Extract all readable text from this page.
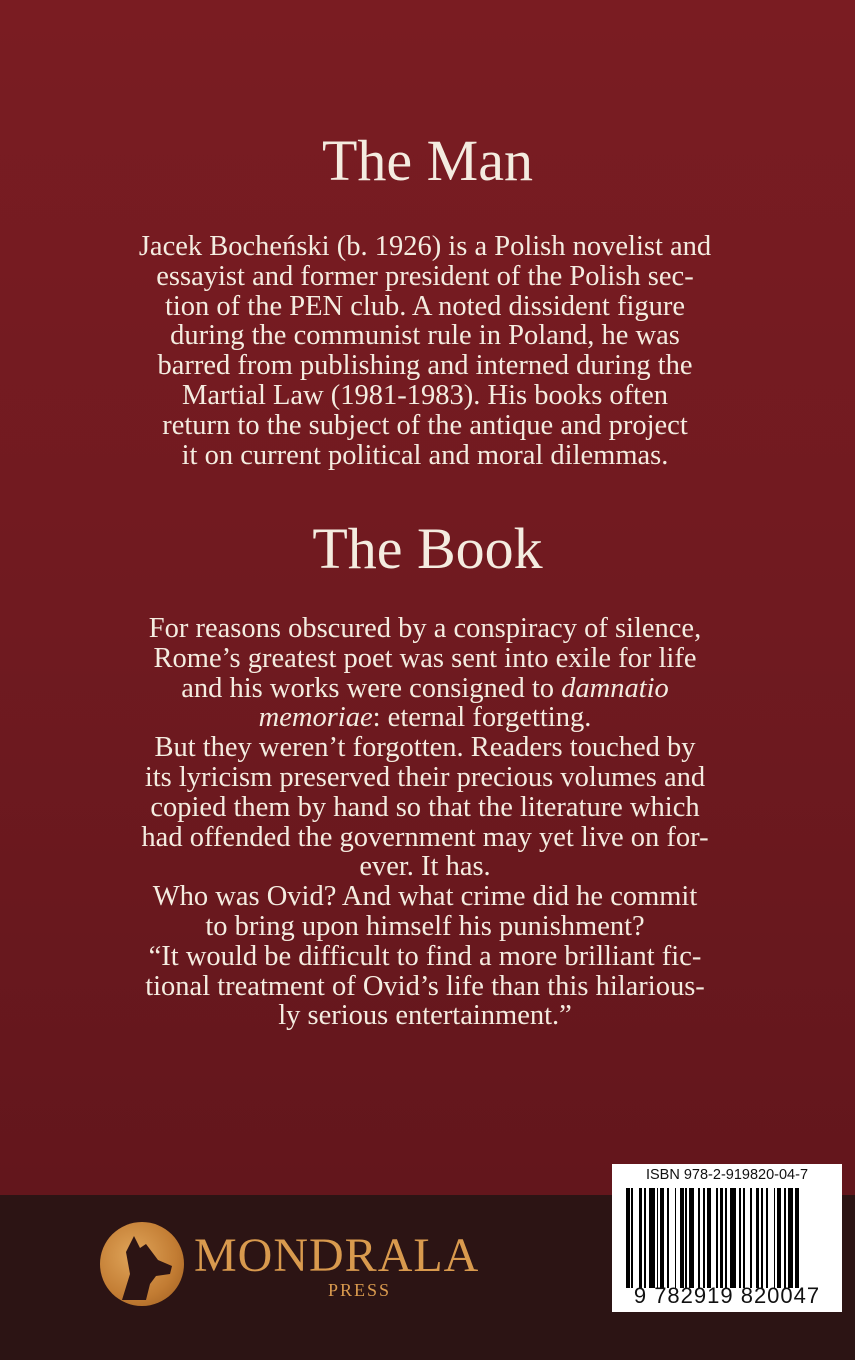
The Man

Jacek Bocheński (b. 1926) is a Polish novelist and
essayist and former president of the Polish sec-
tion of the PEN club. A noted dissident figure
during the communist rule in Poland, he was
barred from publishing and interned during the
Martial Law (1981-1983). His books often
return to the subject of the antique and project
it on current political and moral dilemmas.

The Book

For reasons obscured by a conspiracy of silence,
Rome’s greatest poet was sent into exile for life
and his works were consigned to damnatio
memoriae: eternal forgetting.
But they weren’t forgotten. Readers touched by
its lyricism preserved their precious volumes and
copied them by hand so that the literature which
had offended the government may yet live on for-
ever. It has.
Who was Ovid? And what crime did he commit
to bring upon himself his punishment?
“It would be difficult to find a more brilliant fic-
tional treatment of Ovid’s life than this hilarious-
ly serious entertainment.”

MONDRALA
PRESS
ISBN 978-2-919820-04-7
9 782919 820047
